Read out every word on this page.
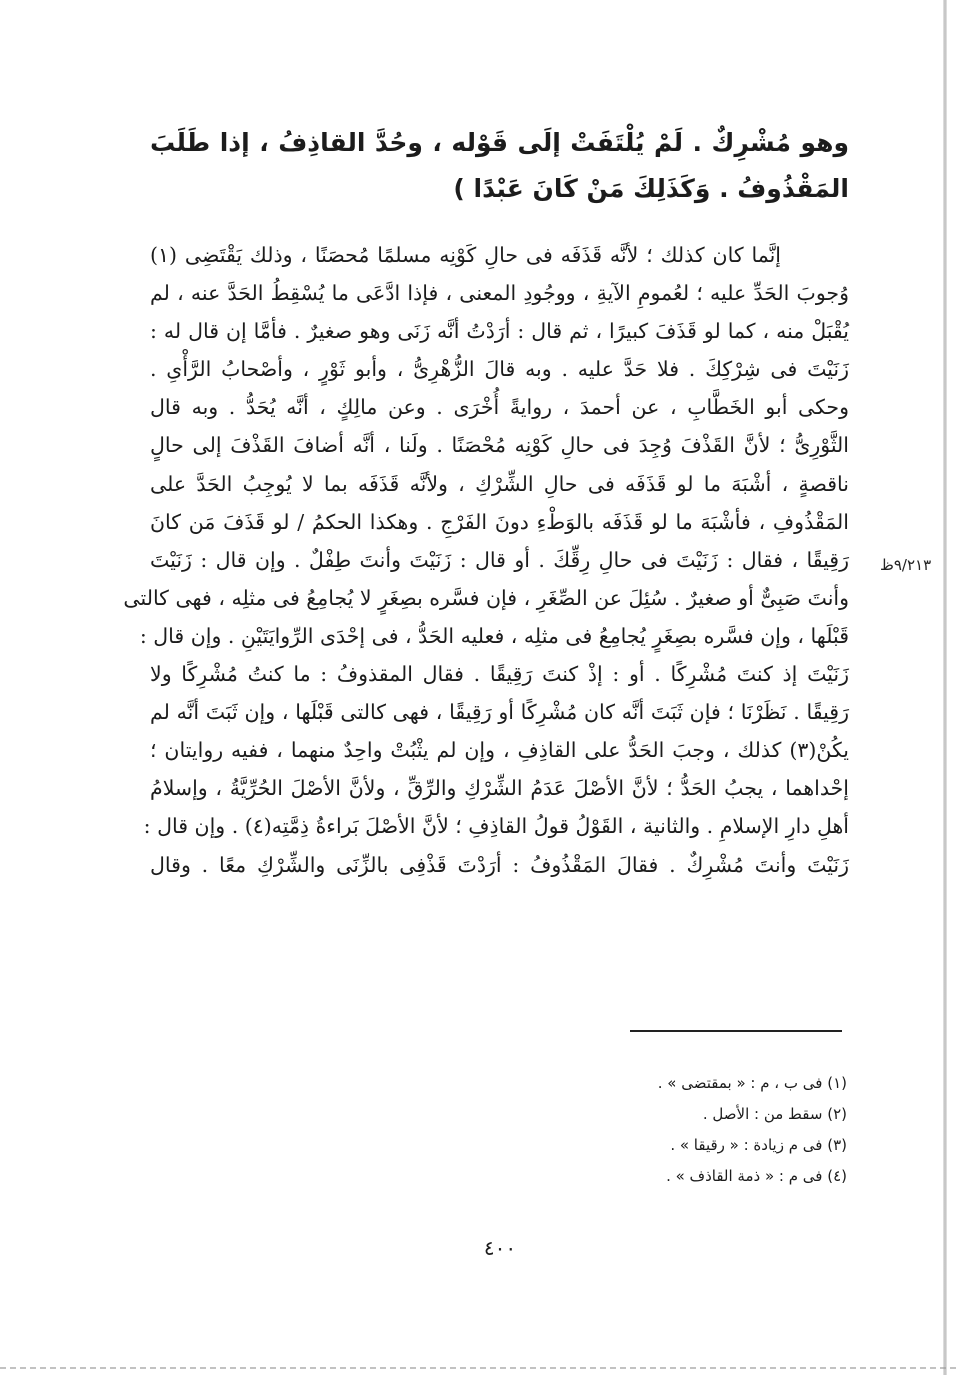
وهو مُشْرِكٌ . لَمْ يُلْتَفَتْ إلَى قَوْله ، وحُدَّ القاذِفُ ، إذا طَلَبَ المَقْذُوفُ . وَكَذَلِكَ مَنْ كَانَ عَبْدًا )
إنَّما كان كذلك ؛ لأنَّه قَذَفَه فى حالِ كَوْنِه مسلمًا مُحصَنًا ، وذلك يَقْتَضِى (١)
وُجوبَ الحَدِّ عليه ؛ لعُمومِ الآيةِ ، ووجُودِ المعنى ، فإذا ادَّعَى ما يُسْقِطُ الحَدَّ عنه ، لم
يُقْبَلْ منه ، كما لو قَذَفَ كبيرًا ، ثم قال : أرَدْتُ أنَّه زَنَى وهو صغيرٌ . فأمَّا إن قال له :
زَنَيْتَ فى شِرْكِكَ . فلا حَدَّ عليه . وبه قالَ الزُّهْرِىُّ ، وأبو ثَوْرٍ ، وأصْحابُ الرَّأْىِ .
وحكى أبو الخَطَّابِ ، عن أحمدَ ، روايةً أُخْرَى . وعن مالِكٍ ، أنَّه يُحَدُّ . وبه قال
الثَّوْرِىُّ ؛ لأنَّ القَذْفَ وُجِدَ فى حالِ كَوْنِه مُحْصَنًا . ولَنا ، أنَّه أضافَ القَذْفَ إلى حالٍ
ناقصةٍ ، أشْبَهَ ما لو قَذَفَه فى حالِ الشِّرْكِ ، ولأنَّه قَذَفَه بما لا يُوجِبُ الحَدَّ على
المَقْذُوفِ ، فأشْبَهَ ما لو قَذَفَه بالوَطْءِ دونَ الفَرْجِ . وهكذا الحكمُ / لو قَذَفَ مَن كانَ
رَقِيقًا ، فقال : زَنَيْتَ فى حالِ رِقِّكَ . أو قال : زَنَيْتَ وأنتَ طِفْلٌ . وإن قال : زَنَيْتَ
وأنتَ صَبِىٌّ أو صغيرٌ . سُئِلَ عن الصِّغَرِ ، فإن فسَّره بصِغَرٍ لا يُجامِعُ فى مثلِه ، فهى كالتى
قَبْلَها ، وإن فسَّره بصِغَرٍ يُجامِعُ فى مثلِه ، فعليه الحَدُّ ، فى إحْدَى الرِّوايَتَيْنِ . وإن قال :
زَنَيْتَ إذ كنتَ مُشْرِكًا . أو : إذْ كنتَ رَقِيقًا . فقال المقذوفُ : ما كنتُ مُشْرِكًا ولا
رَقِيقًا . نَظَرْنَا ؛ فإن ثَبَتَ أنَّه كان مُشْرِكًا أو رَقِيقًا ، فهى كالتى قَبْلَها ، وإن ثَبَتَ أنَّه لم
يكُنْ(٣) كذلك ، وجبَ الحَدُّ على القاذِفِ ، وإن لم يثْبُتْ واحِدٌ منهما ، ففيه روايتان ؛
إحْداهما ، يجبُ الحَدُّ ؛ لأنَّ الأصْلَ عَدَمُ الشِّرْكِ والرِّقِّ ، ولأنَّ الأصْلَ الحُرِّيَّةُ ، وإسلامُ
أهلِ دارِ الإسلامِ . والثانية ، القَوْلُ قولُ القاذِفِ ؛ لأنَّ الأصْلَ بَراءةُ ذِمَّتِه(٤) . وإن قال :
زَنَيْتَ وأنتَ مُشْرِكٌ . فقالَ المَقْذُوفُ : أرَدْتَ قَذْفِى بالزِّنَى والشِّرْكِ معًا . وقال
٩/٢١٣ظ
(١) فى ب ، م : « بمقتضى » .
(٢) سقط من : الأصل .
(٣) فى م زيادة : « رقيقا » .
(٤) فى م : « ذمة القاذف » .
٤٠٠
